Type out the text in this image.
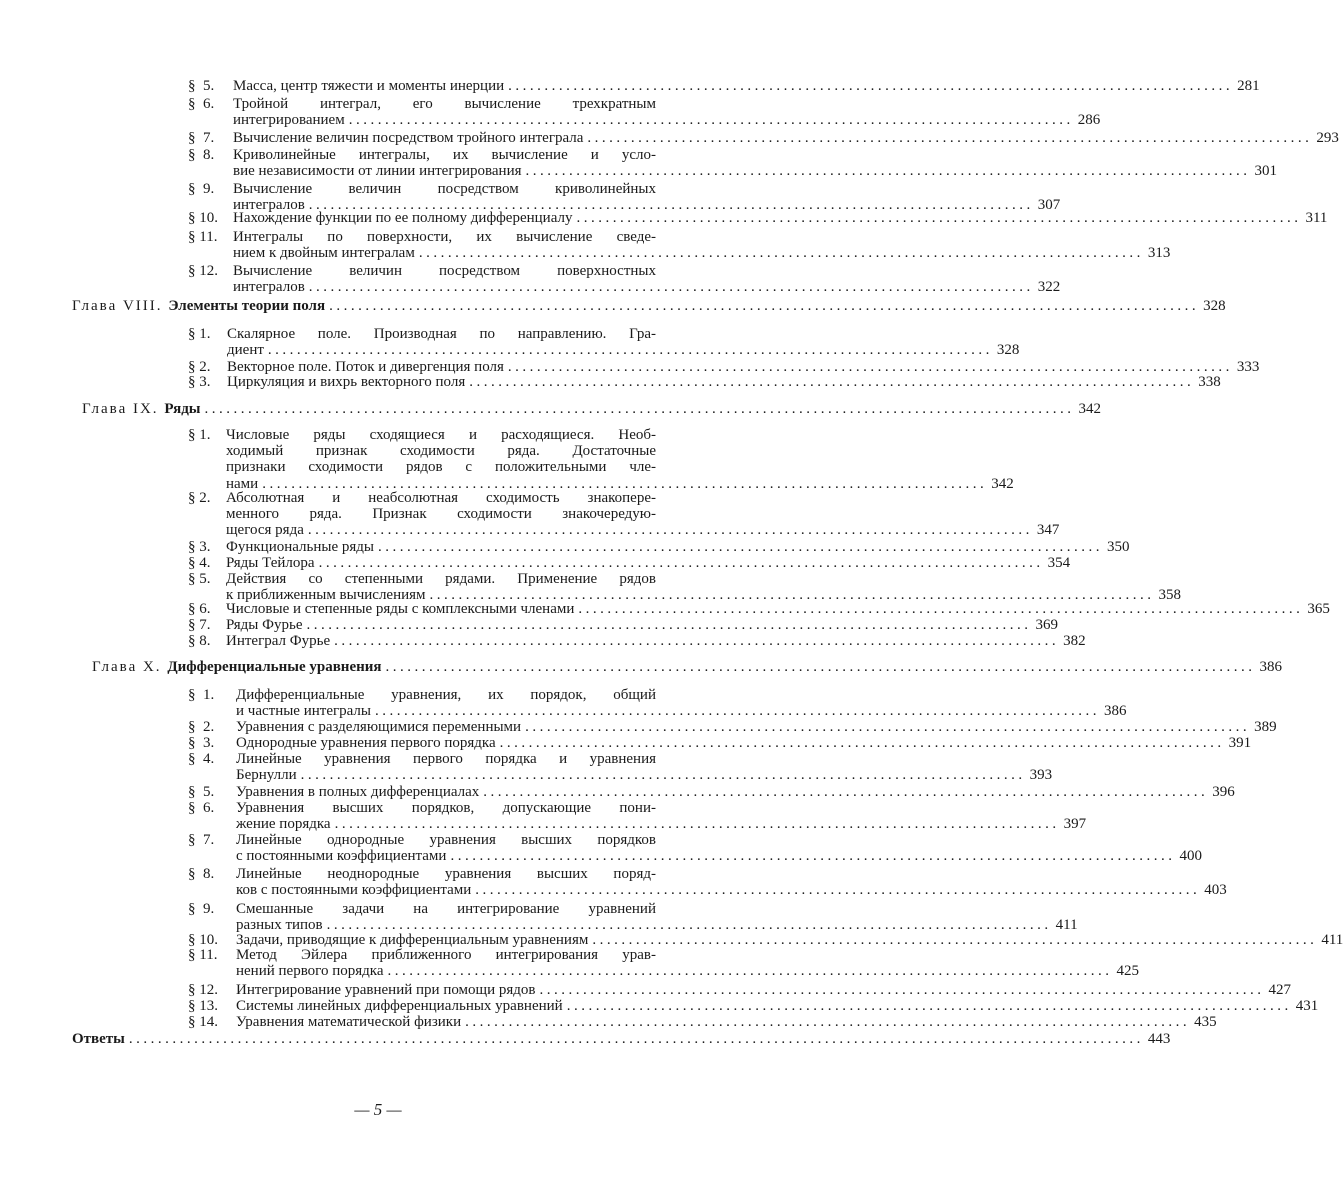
§  5. Масса, центр тяжести и моменты инерции .................................................................................................... 281
§  6. Тройной интеграл, его вычисление трехкратным
интегрированием .................................................................................................... 286
§  7. Вычисление величин посредством тройного интеграла .................................................................................................... 293
§  8. Криволинейные интегралы, их вычисление и усло-
вие независимости от линии интегрирования .................................................................................................... 301
§  9. Вычисление величин посредством криволинейных
интегралов .................................................................................................... 307
§ 10. Нахождение функции по ее полному дифференциалу .................................................................................................... 311
§ 11. Интегралы по поверхности, их вычисление сведе-
нием к двойным интегралам .................................................................................................... 313
§ 12. Вычисление величин посредством поверхностных
интегралов .................................................................................................... 322
Глава VIII. Элементы теории поля ........................................................................................................................ 328
§ 1. Скалярное поле. Производная по направлению. Гра-
диент .................................................................................................... 328
§ 2. Векторное поле. Поток и дивергенция поля .................................................................................................... 333
§ 3. Циркуляция и вихрь векторного поля .................................................................................................... 338
Глава IX. Ряды ........................................................................................................................ 342
§ 1. Числовые ряды сходящиеся и расходящиеся. Необ-
ходимый признак сходимости ряда. Достаточные
признаки сходимости рядов с положительными чле-
нами .................................................................................................... 342
§ 2. Абсолютная и неабсолютная сходимость знакопере-
менного ряда. Признак сходимости знакочередую-
щегося ряда .................................................................................................... 347
§ 3. Функциональные ряды .................................................................................................... 350
§ 4. Ряды Тейлора .................................................................................................... 354
§ 5. Действия со степенными рядами. Применение рядов
к приближенным вычислениям .................................................................................................... 358
§ 6. Числовые и степенные ряды с комплексными членами .................................................................................................... 365
§ 7. Ряды Фурье .................................................................................................... 369
§ 8. Интеграл Фурье .................................................................................................... 382
Глава X. Дифференциальные уравнения ........................................................................................................................ 386
§  1. Дифференциальные уравнения, их порядок, общий
и частные интегралы .................................................................................................... 386
§  2. Уравнения с разделяющимися переменными .................................................................................................... 389
§  3. Однородные уравнения первого порядка .................................................................................................... 391
§  4. Линейные уравнения первого порядка и уравнения
Бернулли .................................................................................................... 393
§  5. Уравнения в полных дифференциалах .................................................................................................... 396
§  6. Уравнения высших порядков, допускающие пони-
жение порядка .................................................................................................... 397
§  7. Линейные однородные уравнения высших порядков
с постоянными коэффициентами .................................................................................................... 400
§  8. Линейные неоднородные уравнения высших поряд-
ков с постоянными коэффициентами .................................................................................................... 403
§  9. Смешанные задачи на интегрирование уравнений
разных типов .................................................................................................... 411
§ 10. Задачи, приводящие к дифференциальным уравнениям .................................................................................................... 411
§ 11. Метод Эйлера приближенного интегрирования урав-
нений первого порядка .................................................................................................... 425
§ 12. Интегрирование уравнений при помощи рядов .................................................................................................... 427
§ 13. Системы линейных дифференциальных уравнений .................................................................................................... 431
§ 14. Уравнения математической физики .................................................................................................... 435
Ответы ............................................................................................................................................ 443
— 5 —
